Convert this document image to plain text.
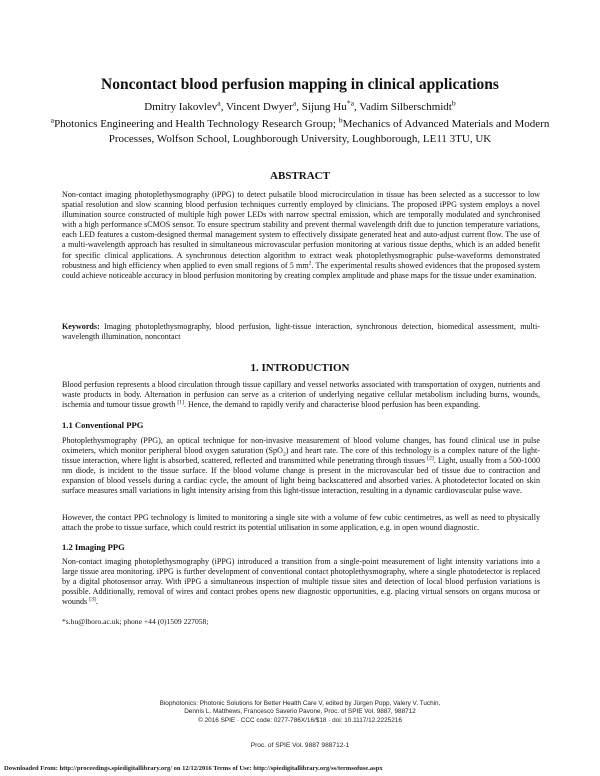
Noncontact blood perfusion mapping in clinical applications
Dmitry Iakovlev$^a$, Vincent Dwyer$^a$, Sijung Hu$^{*a}$, Vadim Silberschmidt$^b$
$^a$Photonics Engineering and Health Technology Research Group; $^b$Mechanics of Advanced Materials and Modern Processes, Wolfson School, Loughborough University, Loughborough, LE11 3TU, UK
ABSTRACT
Non-contact imaging photoplethysmography (iPPG) to detect pulsatile blood microcirculation in tissue has been selected as a successor to low spatial resolution and slow scanning blood perfusion techniques currently employed by clinicians. The proposed iPPG system employs a novel illumination source constructed of multiple high power LEDs with narrow spectral emission, which are temporally modulated and synchronised with a high performance sCMOS sensor. To ensure spectrum stability and prevent thermal wavelength drift due to junction temperature variations, each LED features a custom-designed thermal management system to effectively dissipate generated heat and auto-adjust current flow. The use of a multi-wavelength approach has resulted in simultaneous microvascular perfusion monitoring at various tissue depths, which is an added benefit for specific clinical applications. A synchronous detection algorithm to extract weak photoplethysmographic pulse-waveforms demonstrated robustness and high efficiency when applied to even small regions of 5 $mm^2$. The experimental results showed evidences that the proposed system could achieve noticeable accuracy in blood perfusion monitoring by creating complex amplitude and phase maps for the tissue under examination.
Keywords: Imaging photoplethysmography, blood perfusion, light-tissue interaction, synchronous detection, biomedical assessment, multi-wavelength illumination, noncontact
1. INTRODUCTION
Blood perfusion represents a blood circulation through tissue capillary and vessel networks associated with transportation of oxygen, nutrients and waste products in body. Alternation in perfusion can serve as a criterion of underlying negative cellular metabolism including burns, wounds, ischemia and tumour tissue growth [1]. Hence, the demand to rapidly verify and characterise blood perfusion has been expanding.
1.1 Conventional PPG
Photoplethysmography (PPG), an optical technique for non-invasive measurement of blood volume changes, has found clinical use in pulse oximeters, which monitor peripheral blood oxygen saturation (SpO$_2$) and heart rate. The core of this technology is a complex nature of the light-tissue interaction, where light is absorbed, scattered, reflected and transmitted while penetrating through tissues [2]. Light, usually from a 500-1000 nm diode, is incident to the tissue surface. If the blood volume change is present in the microvascular bed of tissue due to contraction and expansion of blood vessels during a cardiac cycle, the amount of light being backscattered and absorbed varies. A photodetector located on skin surface measures small variations in light intensity arising from this light-tissue interaction, resulting in a dynamic cardiovascular pulse wave.
However, the contact PPG technology is limited to monitoring a single site with a volume of few cubic centimetres, as well as need to physically attach the probe to tissue surface, which could restrict its potential utilisation in some application, e.g. in open wound diagnostic.
1.2 Imaging PPG
Non-contact imaging photoplethysmography (iPPG) introduced a transition from a single-point measurement of light intensity variations into a large tissue area monitoring. iPPG is further development of conventional contact photoplethysmography, where a single photodetector is replaced by a digital photosensor array. With iPPG a simultaneous inspection of multiple tissue sites and detection of local blood perfusion variations is possible. Additionally, removal of wires and contact probes opens new diagnostic opportunities, e.g. placing virtual sensors on organs mucosa or wounds [3].
*s.hu@lboro.ac.uk; phone +44 (0)1509 227058;
Biophotonics: Photonic Solutions for Better Health Care V, edited by Jürgen Popp, Valery V. Tuchin,
Dennis L. Matthews, Francesco Saverio Pavone, Proc. of SPIE Vol. 9887, 988712
© 2016 SPIE · CCC code: 0277-786X/16/$18 · doi: 10.1117/12.2225216
Proc. of SPIE Vol. 9887 988712-1
Downloaded From: http://proceedings.spiedigitallibrary.org/ on 12/12/2016 Terms of Use: http://spiedigitallibrary.org/ss/termsofuse.aspx
